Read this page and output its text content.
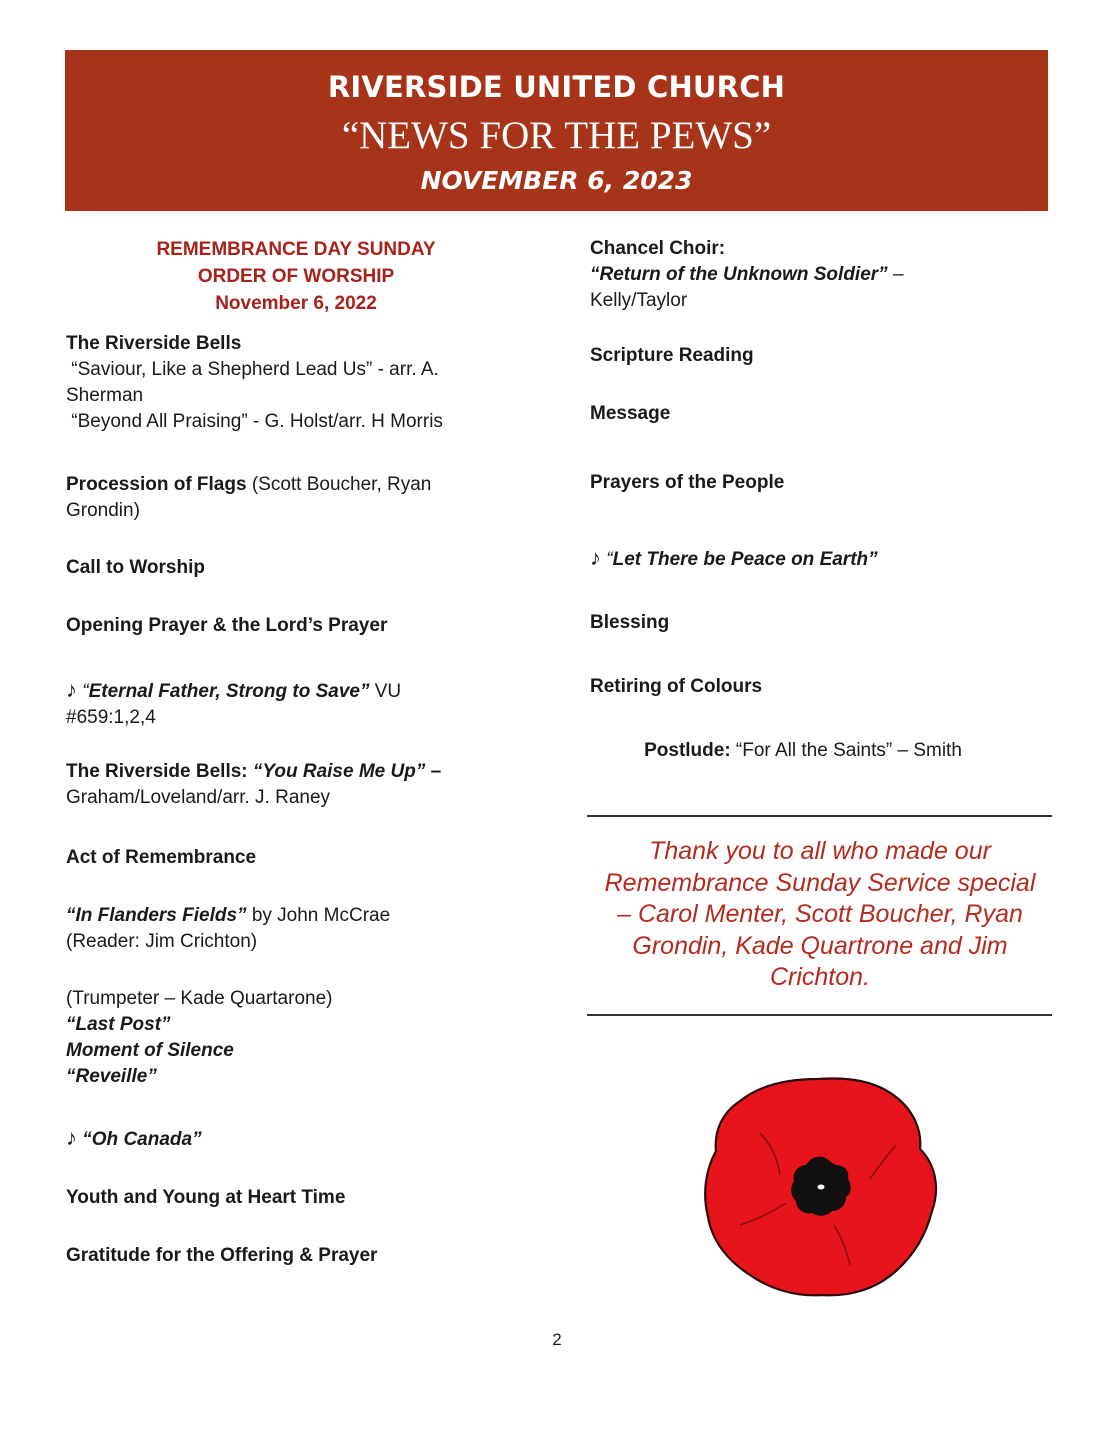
RIVERSIDE UNITED CHURCH
“NEWS FOR THE PEWS”
NOVEMBER 6, 2023
REMEMBRANCE DAY SUNDAY
ORDER OF WORSHIP
November 6, 2022
The Riverside Bells
“Saviour, Like a Shepherd Lead Us” - arr. A.
Sherman
“Beyond All Praising” - G. Holst/arr. H Morris
Procession of Flags (Scott Boucher, Ryan
Grondin)
Call to Worship
Opening Prayer & the Lord’s Prayer
♪ “Eternal Father, Strong to Save” VU
#659:1,2,4
The Riverside Bells: “You Raise Me Up” –
Graham/Loveland/arr. J. Raney
Act of Remembrance
“In Flanders Fields” by John McCrae
(Reader: Jim Crichton)
(Trumpeter – Kade Quartarone)
“Last Post”
Moment of Silence
“Reveille”
♪ “Oh Canada”
Youth and Young at Heart Time
Gratitude for the Offering & Prayer
Chancel Choir:
“Return of the Unknown Soldier” –
Kelly/Taylor
Scripture Reading
Message
Prayers of the People
♪ “Let There be Peace on Earth”
Blessing
Retiring of Colours
Postlude: “For All the Saints” – Smith
Thank you to all who made our
Remembrance Sunday Service special
– Carol Menter, Scott Boucher, Ryan
Grondin, Kade Quartrone and Jim
Crichton.
2
